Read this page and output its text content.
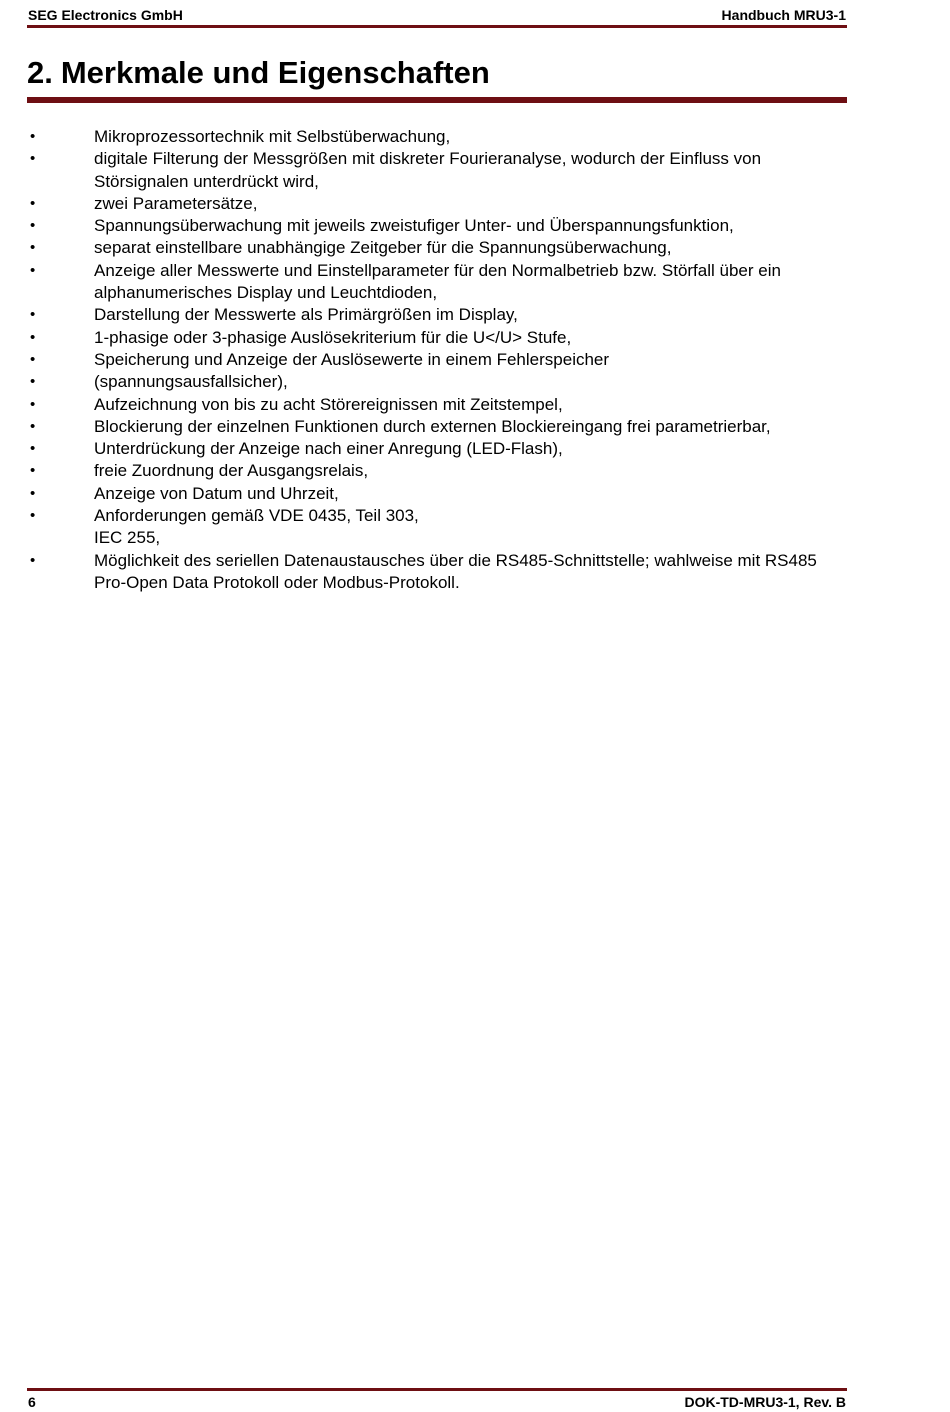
SEG Electronics GmbH	Handbuch MRU3-1
2. Merkmale und Eigenschaften
•	Mikroprozessortechnik mit Selbstüberwachung,
•	digitale Filterung der Messgrößen mit diskreter Fourieranalyse, wodurch der Einfluss von Störsignalen unterdrückt wird,
•	zwei Parametersätze,
•	Spannungsüberwachung mit jeweils zweistufiger Unter- und Überspannungsfunktion,
•	separat einstellbare unabhängige Zeitgeber für die Spannungsüberwachung,
•	Anzeige aller Messwerte und Einstellparameter für den Normalbetrieb bzw. Störfall über ein alphanumerisches Display und Leuchtdioden,
•	Darstellung der Messwerte als Primärgrößen im Display,
•	1-phasige oder 3-phasige Auslösekriterium für die U</U> Stufe,
•	Speicherung und Anzeige der Auslösewerte in einem Fehlerspeicher
•	(spannungsausfallsicher),
•	Aufzeichnung von bis zu acht Störereignissen mit Zeitstempel,
•	Blockierung der einzelnen Funktionen durch externen Blockiereingang frei parametrierbar,
•	Unterdrückung der Anzeige nach einer Anregung (LED-Flash),
•	freie Zuordnung der Ausgangsrelais,
•	Anzeige von Datum und Uhrzeit,
•	Anforderungen gemäß VDE 0435, Teil 303,
IEC 255,
•	Möglichkeit des seriellen Datenaustausches über die RS485-Schnittstelle; wahlweise mit RS485 Pro-Open Data Protokoll oder Modbus-Protokoll.
6	DOK-TD-MRU3-1, Rev. B
